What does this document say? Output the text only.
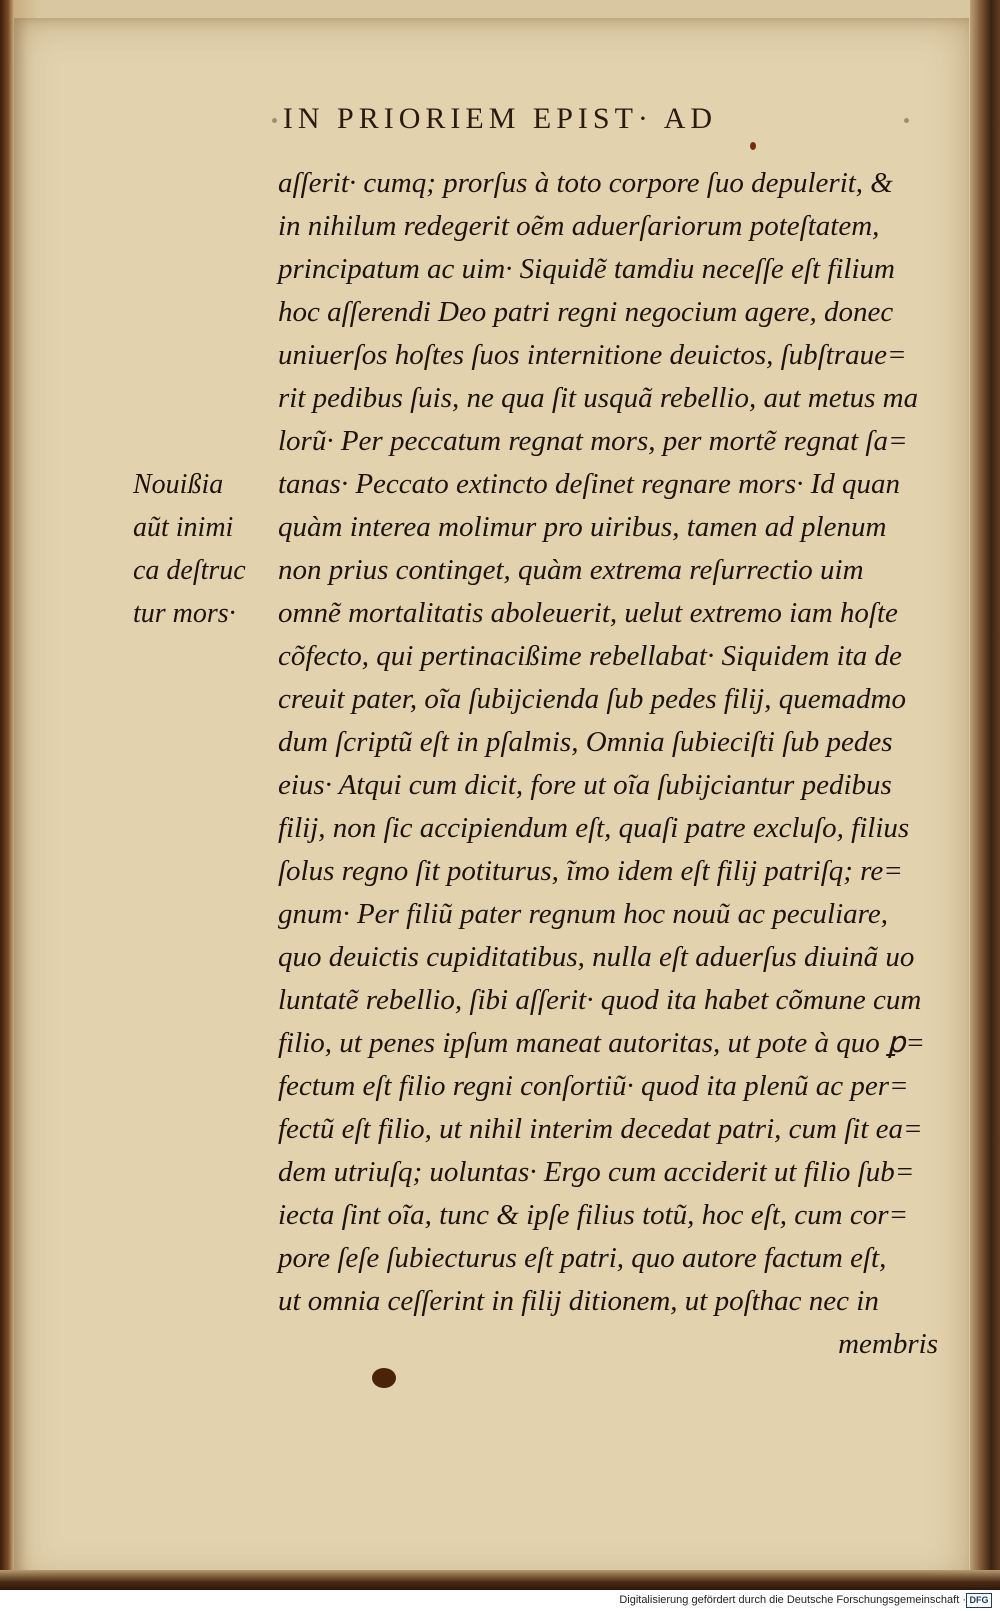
IN PRIORIEM EPIST· AD
Nouißia
aũt inimi
ca deſtruc
tur mors·
aſſerit· cumq; prorſus à toto corpore ſuo depulerit, &
in nihilum redegerit oẽm aduerſariorum poteſtatem,
principatum ac uim· Siquidẽ tamdiu neceſſe eſt filium
hoc aſſerendi Deo patri regni negocium agere, donec
uniuerſos hoſtes ſuos internitione deuictos, ſubſtraue=
rit pedibus ſuis, ne qua ſit usquã rebellio, aut metus ma
lorũ· Per peccatum regnat mors, per mortẽ regnat ſa=
tanas· Peccato extincto deſinet regnare mors· Id quan
quàm interea molimur pro uiribus, tamen ad plenum
non prius continget, quàm extrema reſurrectio uim
omnẽ mortalitatis aboleuerit, uelut extremo iam hoſte
cõfecto, qui pertinacißime rebellabat· Siquidem ita de
creuit pater, oĩa ſubijcienda ſub pedes filij, quemadmo
dum ſcriptũ eſt in pſalmis, Omnia ſubieciſti ſub pedes
eius· Atqui cum dicit, fore ut oĩa ſubijciantur pedibus
filij, non ſic accipiendum eſt, quaſi patre excluſo, filius
ſolus regno ſit potiturus, ĩmo idem eſt filij patriſq; re=
gnum· Per filiũ pater regnum hoc nouũ ac peculiare,
quo deuictis cupiditatibus, nulla eſt aduerſus diuinã uo
luntatẽ rebellio, ſibi aſſerit· quod ita habet cõmune cum
filio, ut penes ipſum maneat autoritas, ut pote à quo ꝑ=
fectum eſt filio regni conſortiũ· quod ita plenũ ac per=
fectũ eſt filio, ut nihil interim decedat patri, cum ſit ea=
dem utriuſq; uoluntas· Ergo cum acciderit ut filio ſub=
iecta ſint oĩa, tunc & ipſe filius totũ, hoc eſt, cum cor=
pore ſeſe ſubiecturus eſt patri, quo autore factum eſt,
ut omnia ceſſerint in filij ditionem, ut poſthac nec in
membris
Digitalisierung gefördert durch die Deutsche Forschungsgemeinschaft · DFG
